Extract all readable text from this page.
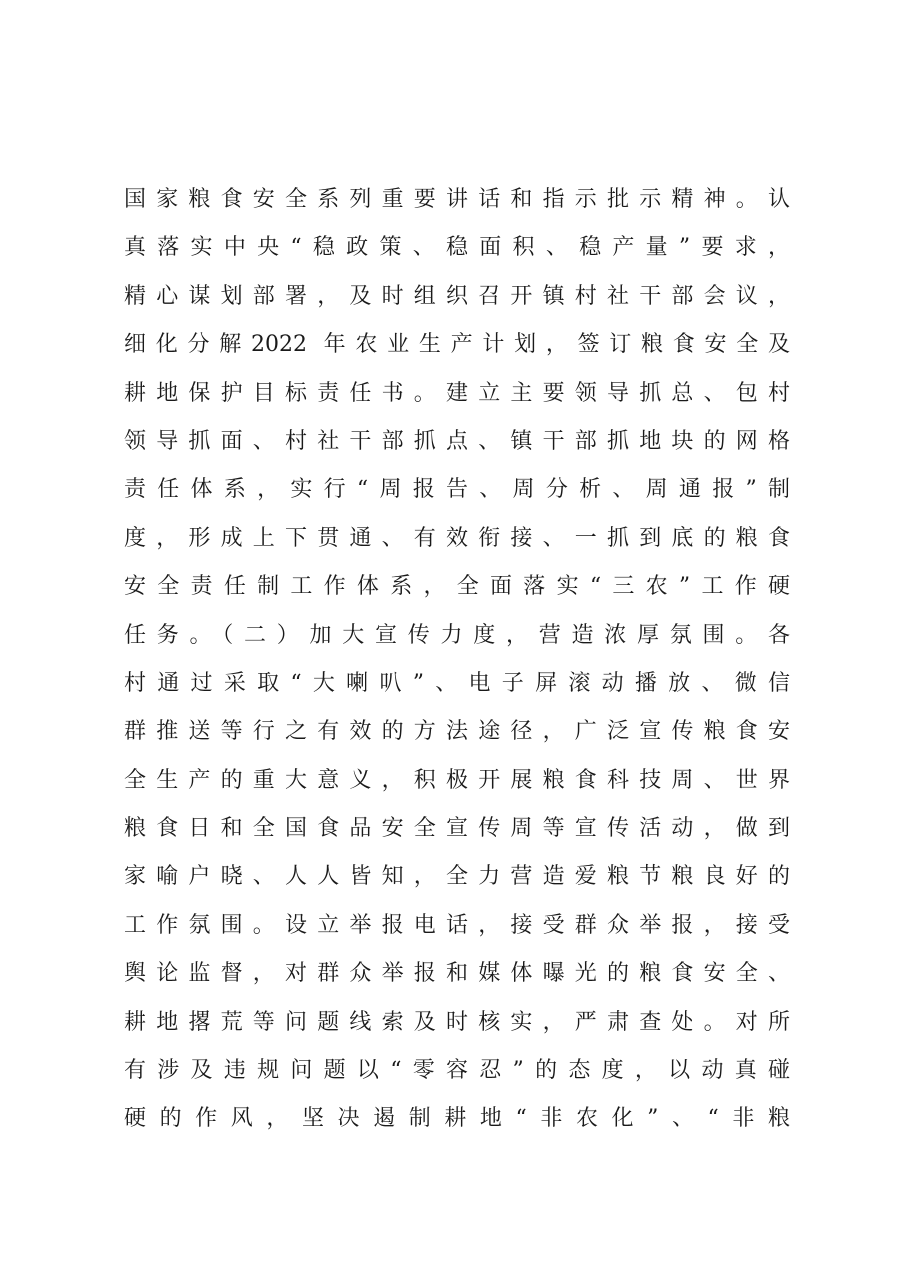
国家粮食安全系列重要讲话和指示批示精神。认
真落实中央“稳政策、稳面积、稳产量”要求，
精心谋划部署，及时组织召开镇村社干部会议，
细化分解2022 年农业生产计划，签订粮食安全及
耕地保护目标责任书。建立主要领导抓总、包村
领导抓面、村社干部抓点、镇干部抓地块的网格
责任体系，实行“周报告、周分析、周通报”制
度，形成上下贯通、有效衔接、一抓到底的粮食
安全责任制工作体系，全面落实“三农”工作硬
任务。（二）加大宣传力度，营造浓厚氛围。各
村通过采取“大喇叭”、电子屏滚动播放、微信
群推送等行之有效的方法途径，广泛宣传粮食安
全生产的重大意义，积极开展粮食科技周、世界
粮食日和全国食品安全宣传周等宣传活动，做到
家喻户晓、人人皆知，全力营造爱粮节粮良好的
工作氛围。设立举报电话，接受群众举报，接受
舆论监督，对群众举报和媒体曝光的粮食安全、
耕地撂荒等问题线索及时核实，严肃查处。对所
有涉及违规问题以“零容忍”的态度，以动真碰
硬的作风，坚决遏制耕地“非农化”、“非粮
